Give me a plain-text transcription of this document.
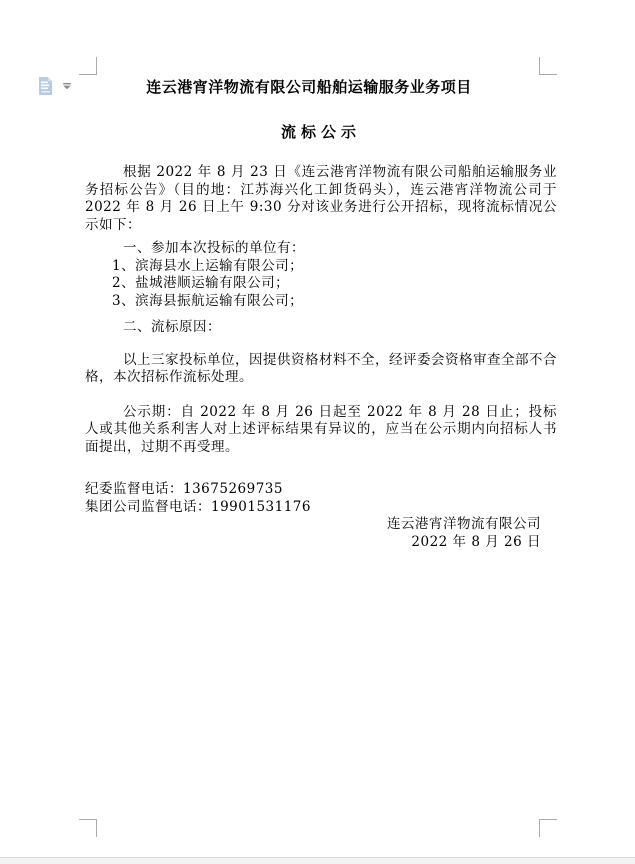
连云港宵洋物流有限公司船舶运输服务业务项目
流标公示

根据 2022 年 8 月 23 日《连云港宵洋物流有限公司船舶运输服务业务招标公告》（目的地：江苏海兴化工卸货码头），连云港宵洋物流公司于 2022 年 8 月 26 日上午 9:30 分对该业务进行公开招标，现将流标情况公示如下：

一、参加本次投标的单位有：
1、滨海县水上运输有限公司；
2、盐城港顺运输有限公司；
3、滨海县振航运输有限公司；
二、流标原因：

以上三家投标单位，因提供资格材料不全，经评委会资格审查全部不合格，本次招标作流标处理。

公示期：自 2022 年 8 月 26 日起至 2022 年 8 月 28 日止；投标人或其他关系利害人对上述评标结果有异议的，应当在公示期内向招标人书面提出，过期不再受理。

纪委监督电话：13675269735
集团公司监督电话：19901531176
连云港宵洋物流有限公司
2022 年 8 月 26 日
